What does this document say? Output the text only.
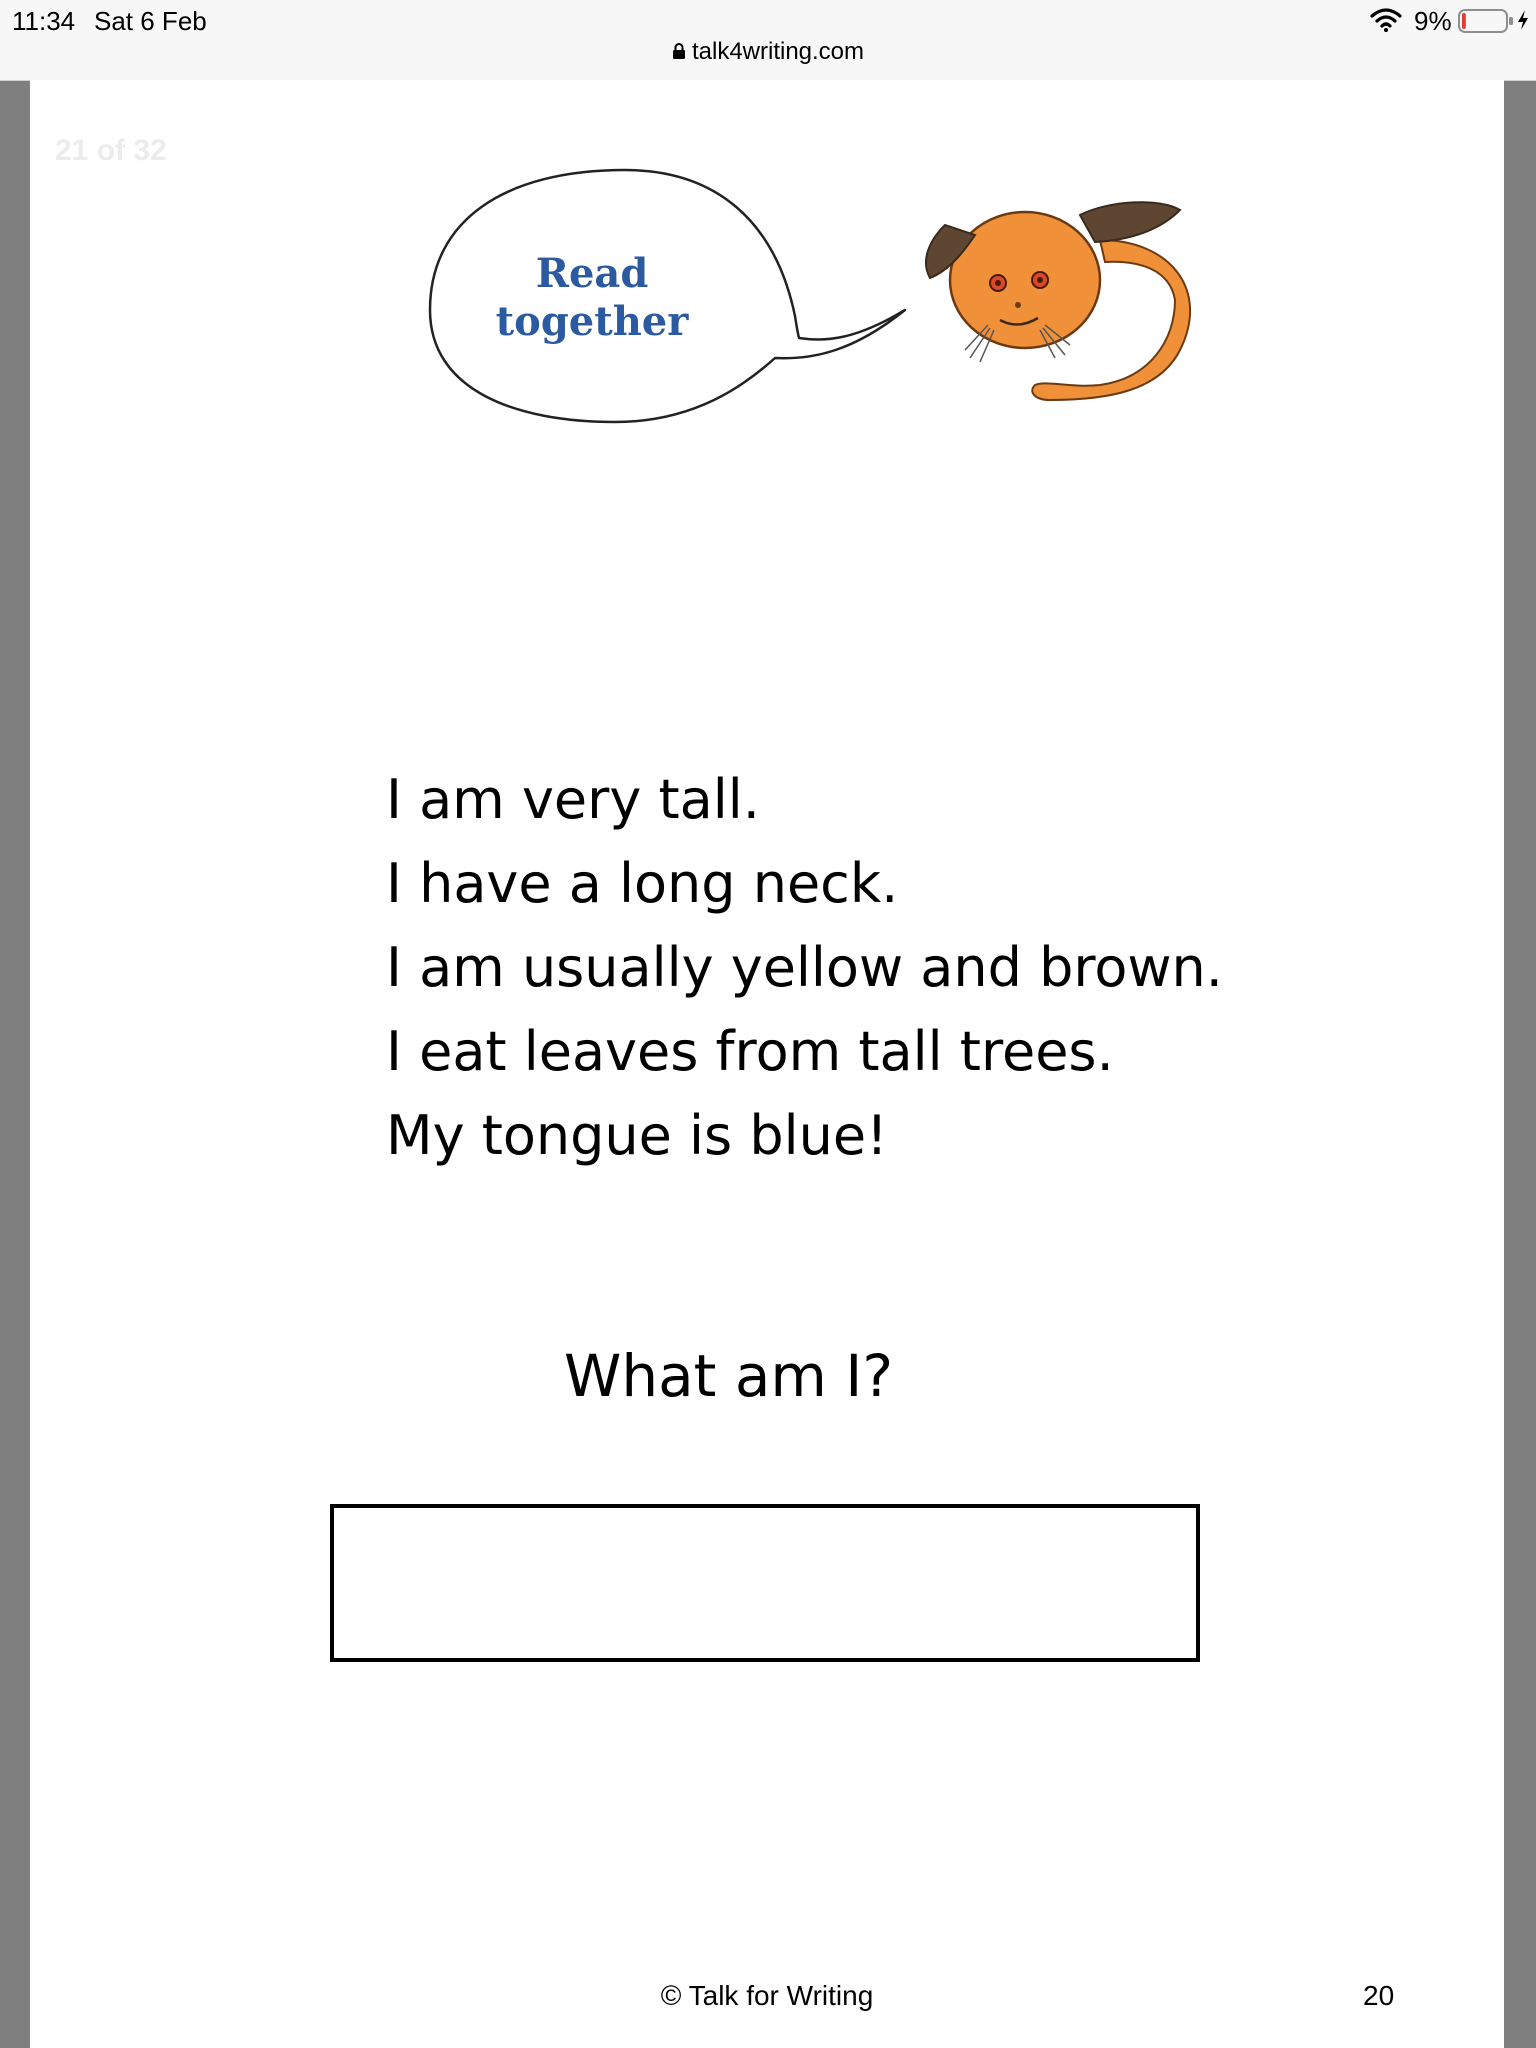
11:34 Sat 6 Feb	9%
talk4writing.com
21 of 32
Read
together
I am very tall.
I have a long neck.
I am usually yellow and brown.
I eat leaves from tall trees.
My tongue is blue!
What am I?
© Talk for Writing	20
